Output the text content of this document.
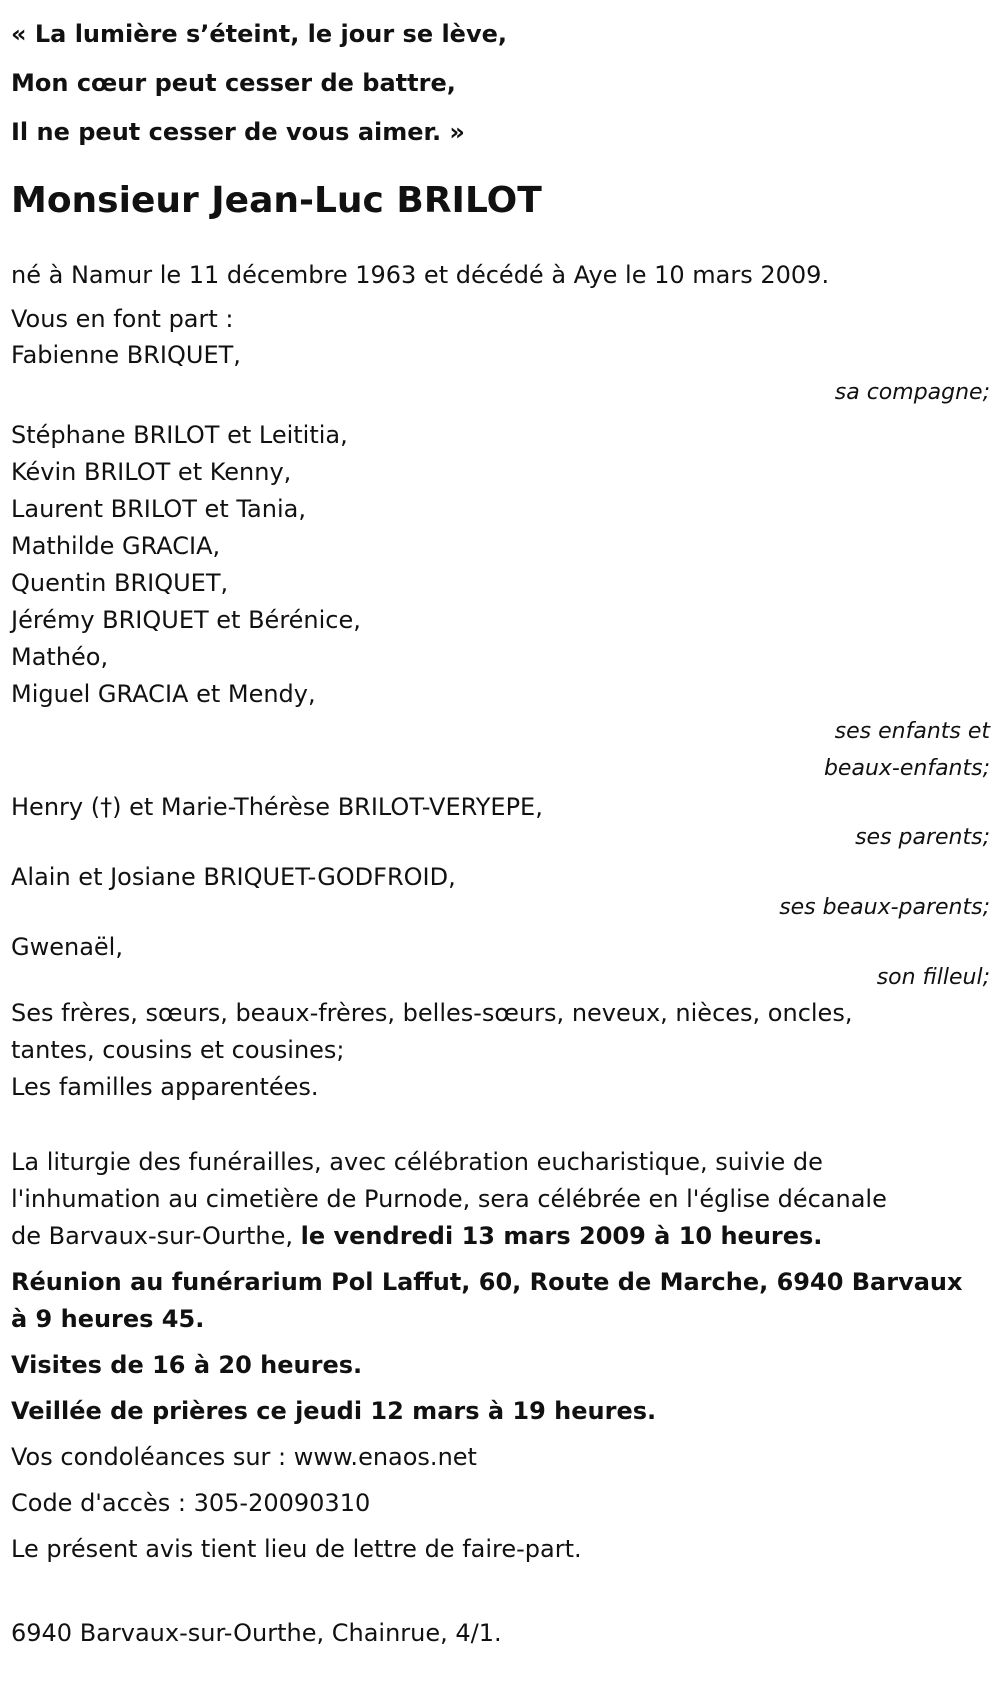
« La lumière s’éteint, le jour se lève,

Mon cœur peut cesser de battre,

Il ne peut cesser de vous aimer. »

Monsieur Jean-Luc BRILOT

né à Namur le 11 décembre 1963 et décédé à Aye le 10 mars 2009.

Vous en font part :

Fabienne BRIQUET,

sa compagne;

Stéphane BRILOT et Leititia,
Kévin BRILOT et Kenny,
Laurent BRILOT et Tania,
Mathilde GRACIA,
Quentin BRIQUET,
Jérémy BRIQUET et Bérénice,
Mathéo,
Miguel GRACIA et Mendy,

ses enfants et

beaux-enfants;

Henry (†) et Marie-Thérèse BRILOT-VERYEPE,

ses parents;

Alain et Josiane BRIQUET-GODFROID,

ses beaux-parents;

Gwenaël,

son filleul;

Ses frères, sœurs, beaux-frères, belles-sœurs, neveux, nièces, oncles,

tantes, cousins et cousines;

Les familles apparentées.

La liturgie des funérailles, avec célébration eucharistique, suivie de

l'inhumation au cimetière de Purnode, sera célébrée en l'église décanale

de Barvaux-sur-Ourthe, le vendredi 13 mars 2009 à 10 heures.

Réunion au funérarium Pol Laffut, 60, Route de Marche, 6940 Barvaux

à 9 heures 45.

Visites de 16 à 20 heures.

Veillée de prières ce jeudi 12 mars à 19 heures.

Vos condoléances sur : www.enaos.net

Code d'accès : 305-20090310

Le présent avis tient lieu de lettre de faire-part.

6940 Barvaux-sur-Ourthe, Chainrue, 4/1.
